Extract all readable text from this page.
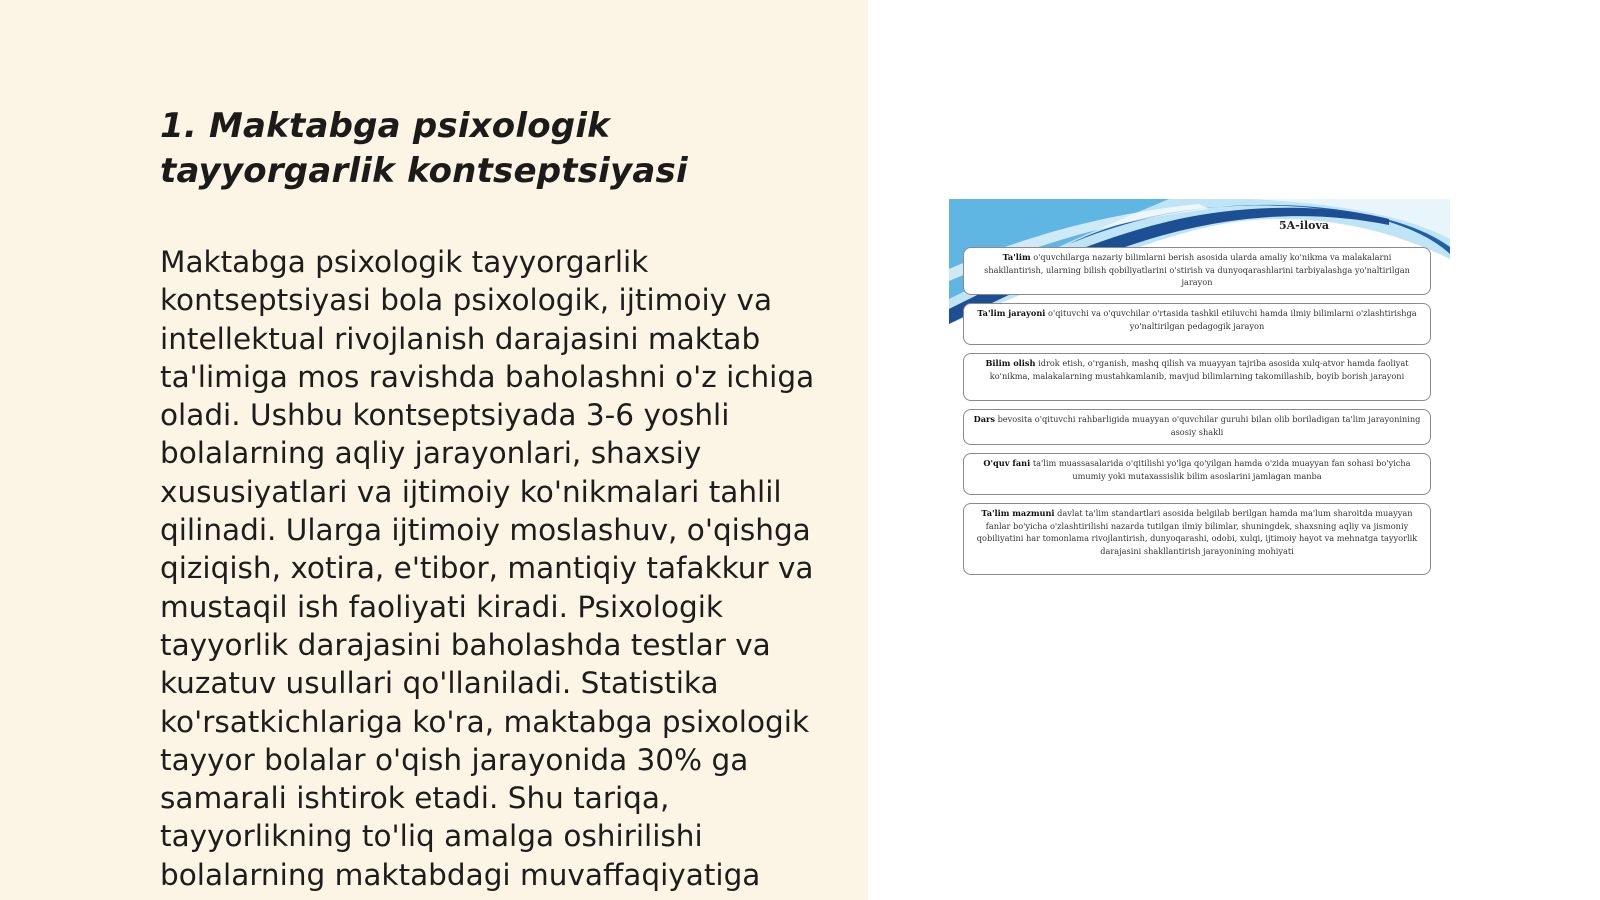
1. Maktabga psixologik tayyorgarlik kontseptsiyasi

Maktabga psixologik tayyorgarlik kontseptsiyasi bola psixologik, ijtimoiy va intellektual rivojlanish darajasini maktab ta'limiga mos ravishda baholashni o'z ichiga oladi. Ushbu kontseptsiyada 3-6 yoshli bolalarning aqliy jarayonlari, shaxsiy xususiyatlari va ijtimoiy ko'nikmalari tahlil qilinadi. Ularga ijtimoiy moslashuv, o'qishga qiziqish, xotira, e'tibor, mantiqiy tafakkur va mustaqil ish faoliyati kiradi. Psixologik tayyorlik darajasini baholashda testlar va kuzatuv usullari qo'llaniladi. Statistika ko'rsatkichlariga ko'ra, maktabga psixologik tayyor bolalar o'qish jarayonida 30% ga samarali ishtirok etadi. Shu tariqa, tayyorlikning to'liq amalga oshirilishi bolalarning maktabdagi muvaffaqiyatiga

5A-ilova
Ta'lim o'quvchilarga nazariy bilimlarni berish asosida ularda amaliy ko'nikma va malakalarni shakllantirish, ularning bilish qobiliyatlarini o'stirish va dunyoqarashlarini tarbiyalashga yo'naltirilgan jarayon
Ta'lim jarayoni o'qituvchi va o'quvchilar o'rtasida tashkil etiluvchi hamda ilmiy bilimlarni o'zlashtirishga yo'naltirilgan pedagogik jarayon
Bilim olish idrok etish, o'rganish, mashq qilish va muayyan tajriba asosida xulq-atvor hamda faoliyat ko'nikma, malakalarning mustahkamlanib, mavjud bilimlarning takomillashib, boyib borish jarayoni
Dars bevosita o'qituvchi rahbarligida muayyan o'quvchilar guruhi bilan olib boriladigan ta'lim jarayonining asosiy shakli
O'quv fani ta'lim muassasalarida o'qitilishi yo'lga qo'yilgan hamda o'zida muayyan fan sohasi bo'yicha umumiy yoki mutaxassislik bilim asoslarini jamlagan manba
Ta'lim mazmuni davlat ta'lim standartlari asosida belgilab berilgan hamda ma'lum sharoitda muayyan fanlar bo'yicha o'zlashtirilishi nazarda tutilgan ilmiy bilimlar, shuningdek, shaxsning aqliy va jismoniy qobiliyatini har tomonlama rivojlantirish, dunyoqarashi, odobi, xulqi, ijtimoiy hayot va mehnatga tayyorlik darajasini shakllantirish jarayonining mohiyati
